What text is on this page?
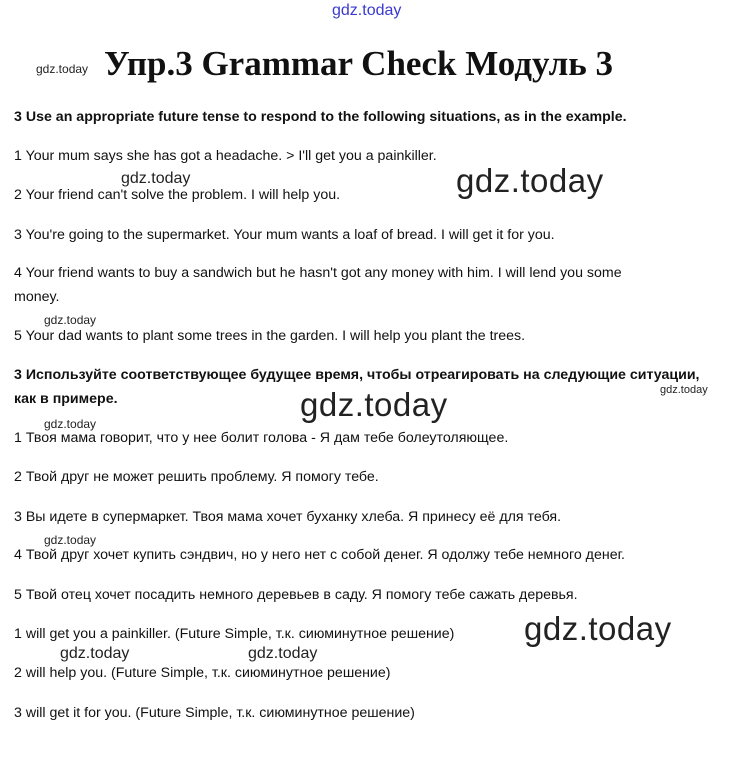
gdz.today
gdz.today
gdz.today	gdz.today
gdz.today
gdz.today	gdz.today
gdz.today
gdz.today
gdz.today
gdz.today	gdz.today
Упр.3 Grammar Check Модуль 3
3 Use an appropriate future tense to respond to the following situations, as in the example.
1 Your mum says she has got a headache. > I'll get you a painkiller.
2 Your friend can't solve the problem. I will help you.
3 You're going to the supermarket. Your mum wants a loaf of bread. I will get it for you.
4 Your friend wants to buy a sandwich but he hasn't got any money with him. I will lend you some
money.
5 Your dad wants to plant some trees in the garden. I will help you plant the trees.
3 Используйте соответствующее будущее время, чтобы отреагировать на следующие ситуации,
как в примере.
1 Твоя мама говорит, что у нее болит голова - Я дам тебе болеутоляющее.
2 Твой друг не может решить проблему. Я помогу тебе.
3 Вы идете в супермаркет. Твоя мама хочет буханку хлеба. Я принесу её для тебя.
4 Твой друг хочет купить сэндвич, но у него нет с собой денег. Я одолжу тебе немного денег.
5 Твой отец хочет посадить немного деревьев в саду. Я помогу тебе сажать деревья.
1 will get you a painkiller. (Future Simple, т.к. сиюминутное решение)
2 will help you. (Future Simple, т.к. сиюминутное решение)
3 will get it for you. (Future Simple, т.к. сиюминутное решение)
